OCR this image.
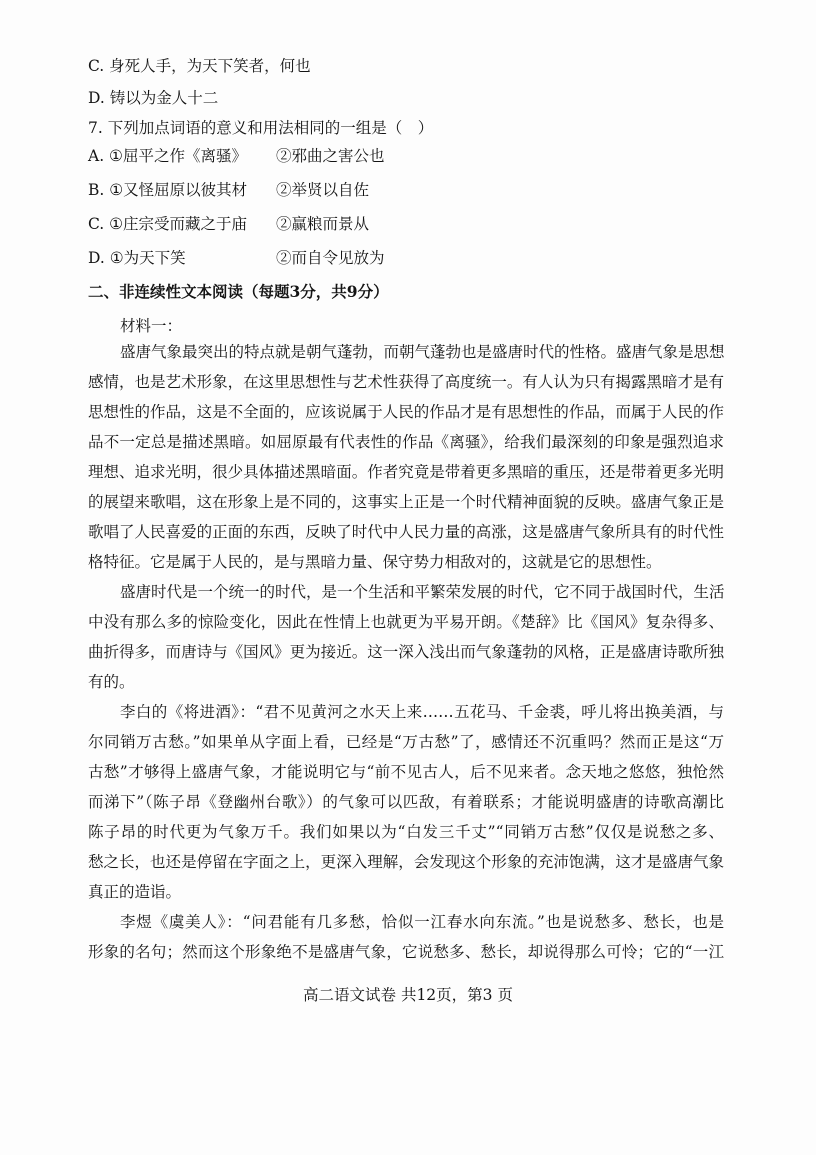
C. 身死人手，为天下笑者，何也
D. 铸以为金人十二
7. 下列加点词语的意义和用法相同的一组是（　）
A. ①屈平之作《离骚》 ②邪曲之害公也
B. ①又怪屈原以彼其材 ②举贤以自佐
C. ①庄宗受而藏之于庙 ②赢粮而景从
D. ①为天下笑	②而自令见放为
二、非连续性文本阅读（每题3分，共9分）
材料一：
盛唐气象最突出的特点就是朝气蓬勃，而朝气蓬勃也是盛唐时代的性格。盛唐气象是思想
感情，也是艺术形象，在这里思想性与艺术性获得了高度统一。有人认为只有揭露黑暗才是有
思想性的作品，这是不全面的，应该说属于人民的作品才是有思想性的作品，而属于人民的作
品不一定总是描述黑暗。如屈原最有代表性的作品《离骚》，给我们最深刻的印象是强烈追求
理想、追求光明，很少具体描述黑暗面。作者究竟是带着更多黑暗的重压，还是带着更多光明
的展望来歌唱，这在形象上是不同的，这事实上正是一个时代精神面貌的反映。盛唐气象正是
歌唱了人民喜爱的正面的东西，反映了时代中人民力量的高涨，这是盛唐气象所具有的时代性
格特征。它是属于人民的，是与黑暗力量、保守势力相敌对的，这就是它的思想性。
盛唐时代是一个统一的时代，是一个生活和平繁荣发展的时代，它不同于战国时代，生活
中没有那么多的惊险变化，因此在性情上也就更为平易开朗。《楚辞》比《国风》复杂得多、
曲折得多，而唐诗与《国风》更为接近。这一深入浅出而气象蓬勃的风格，正是盛唐诗歌所独
有的。
李白的《将进酒》：“君不见黄河之水天上来……五花马、千金裘，呼儿将出换美酒，与
尔同销万古愁。”如果单从字面上看，已经是“万古愁”了，感情还不沉重吗？然而正是这“万
古愁”才够得上盛唐气象，才能说明它与“前不见古人，后不见来者。念天地之悠悠，独怆然
而涕下”（陈子昂《登幽州台歌》）的气象可以匹敌，有着联系；才能说明盛唐的诗歌高潮比
陈子昂的时代更为气象万千。我们如果以为“白发三千丈”“同销万古愁”仅仅是说愁之多、
愁之长，也还是停留在字面之上，更深入理解，会发现这个形象的充沛饱满，这才是盛唐气象
真正的造诣。
李煜《虞美人》：“问君能有几多愁，恰似一江春水向东流。”也是说愁多、愁长，也是
形象的名句；然而这个形象绝不是盛唐气象，它说愁多、愁长，却说得那么可怜；它的“一江
高二语文试卷 共12页，第3 页
